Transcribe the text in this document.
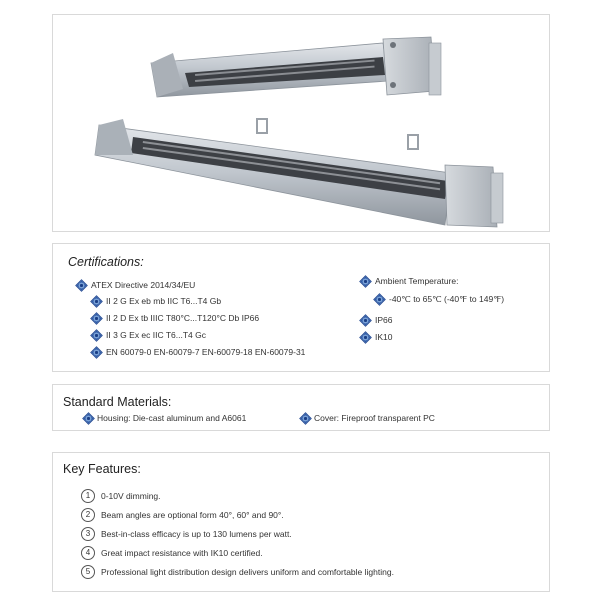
Certifications:
ATEX Directive 2014/34/EU
II 2 G Ex eb mb IIC T6...T4 Gb
II 2 D Ex tb IIIC T80°C...T120°C Db IP66
II 3 G Ex ec IIC T6...T4 Gc
EN 60079-0 EN-60079-7 EN-60079-18 EN-60079-31
Ambient Temperature:
-40℃ to 65℃ (-40℉ to 149℉)
IP66
IK10
Standard Materials:
Housing: Die-cast aluminum and A6061	Cover: Fireproof transparent PC
Key Features:
1	0-10V dimming.
2	Beam angles are optional form 40°, 60° and 90°.
3	Best-in-class efficacy is up to 130 lumens per watt.
4	Great impact resistance with IK10 certified.
5	Professional light distribution design delivers uniform and comfortable lighting.
